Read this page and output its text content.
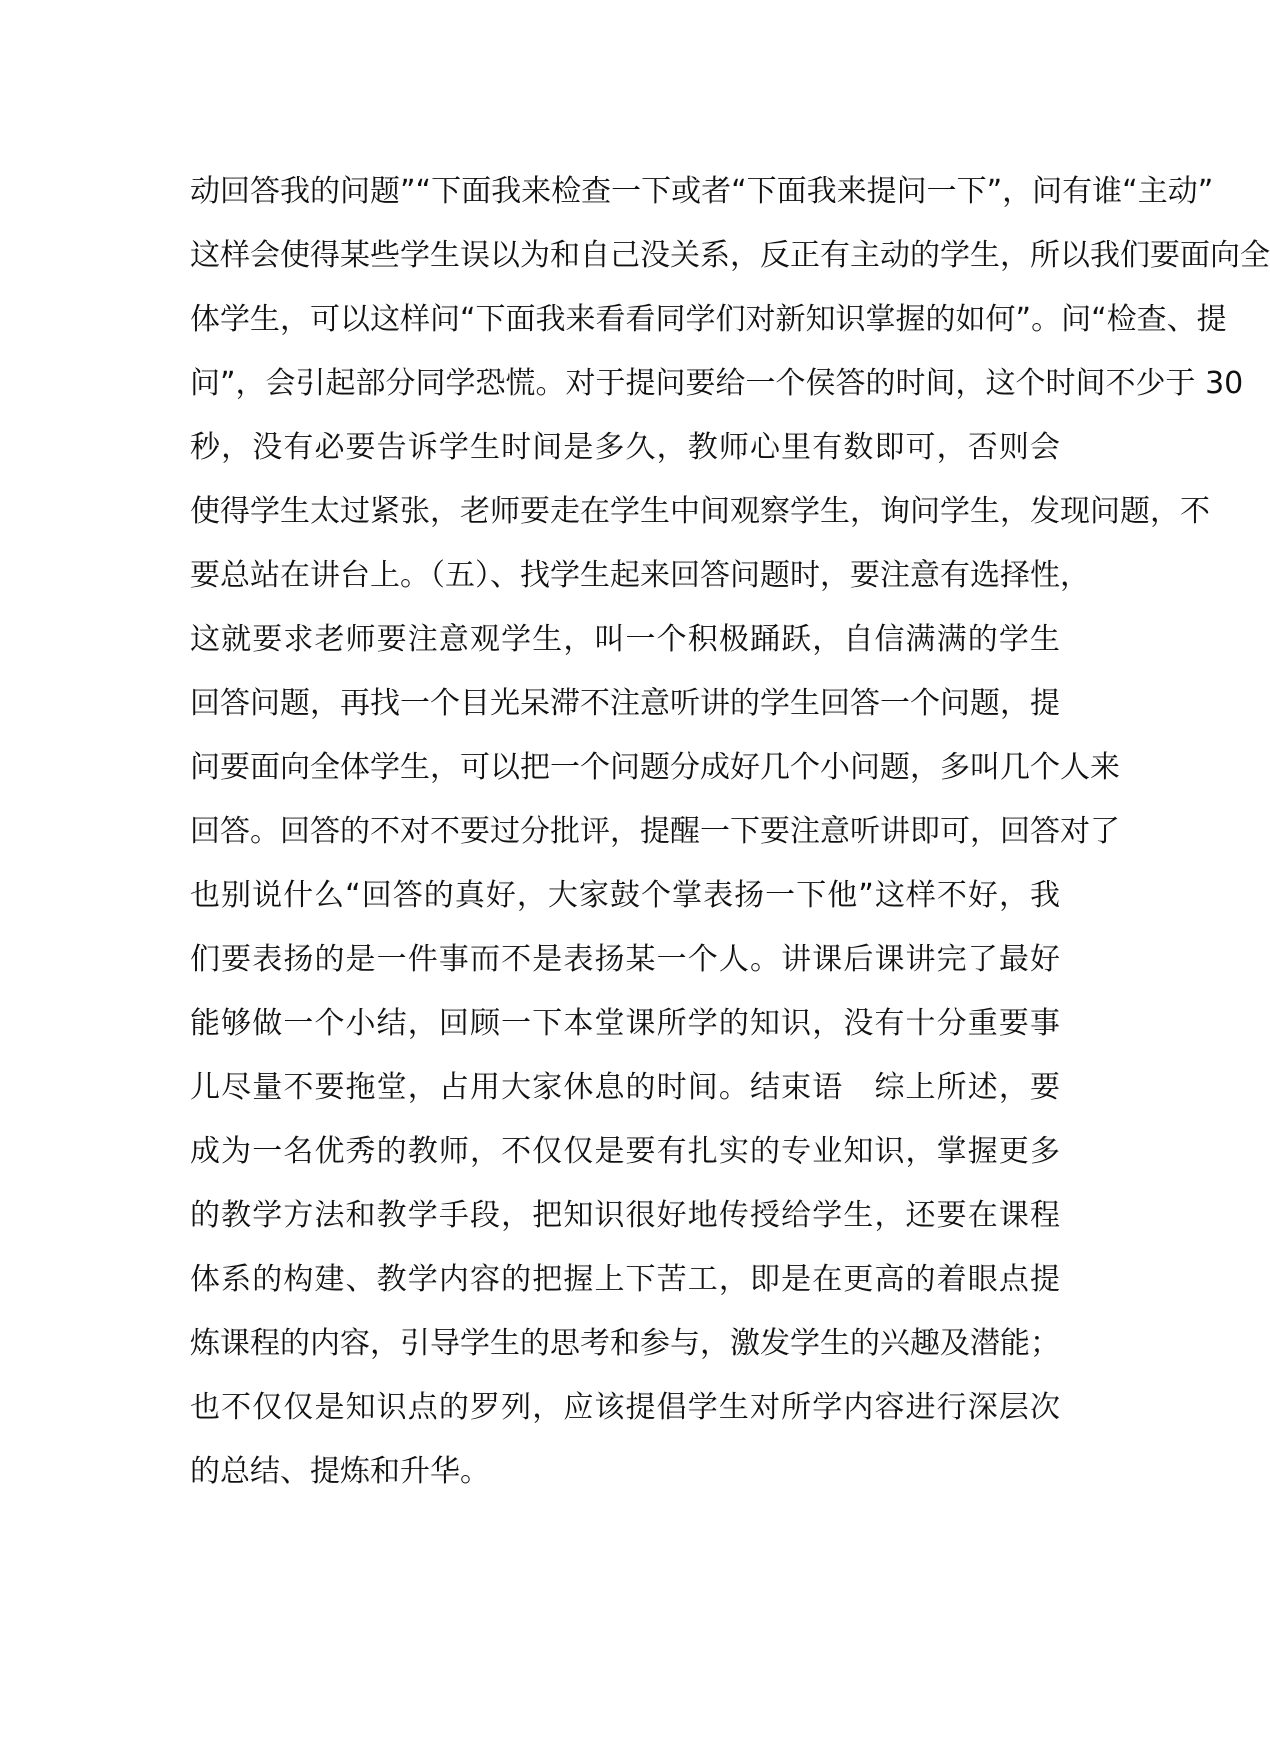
动回答我的问题”“下面我来检查一下或者“下面我来提问一下”，问有谁“主动”
这样会使得某些学生误以为和自己没关系，反正有主动的学生，所以我们要面向全
体学生，可以这样问“下面我来看看同学们对新知识掌握的如何”。问“检查、提
问”，会引起部分同学恐慌。对于提问要给一个侯答的时间，这个时间不少于 30
秒，没有必要告诉学生时间是多久，教师心里有数即可，否则会
使得学生太过紧张，老师要走在学生中间观察学生，询问学生，发现问题，不
要总站在讲台上。（五）、找学生起来回答问题时，要注意有选择性，
这就要求老师要注意观学生，叫一个积极踊跃，自信满满的学生
回答问题，再找一个目光呆滞不注意听讲的学生回答一个问题，提
问要面向全体学生，可以把一个问题分成好几个小问题，多叫几个人来
回答。回答的不对不要过分批评，提醒一下要注意听讲即可，回答对了
也别说什么“回答的真好，大家鼓个掌表扬一下他”这样不好，我
们要表扬的是一件事而不是表扬某一个人。讲课后课讲完了最好
能够做一个小结，回顾一下本堂课所学的知识，没有十分重要事
儿尽量不要拖堂，占用大家休息的时间。结束语　综上所述，要
成为一名优秀的教师，不仅仅是要有扎实的专业知识，掌握更多
的教学方法和教学手段，把知识很好地传授给学生，还要在课程
体系的构建、教学内容的把握上下苦工，即是在更高的着眼点提
炼课程的内容，引导学生的思考和参与，激发学生的兴趣及潜能；
也不仅仅是知识点的罗列，应该提倡学生对所学内容进行深层次
的总结、提炼和升华。
